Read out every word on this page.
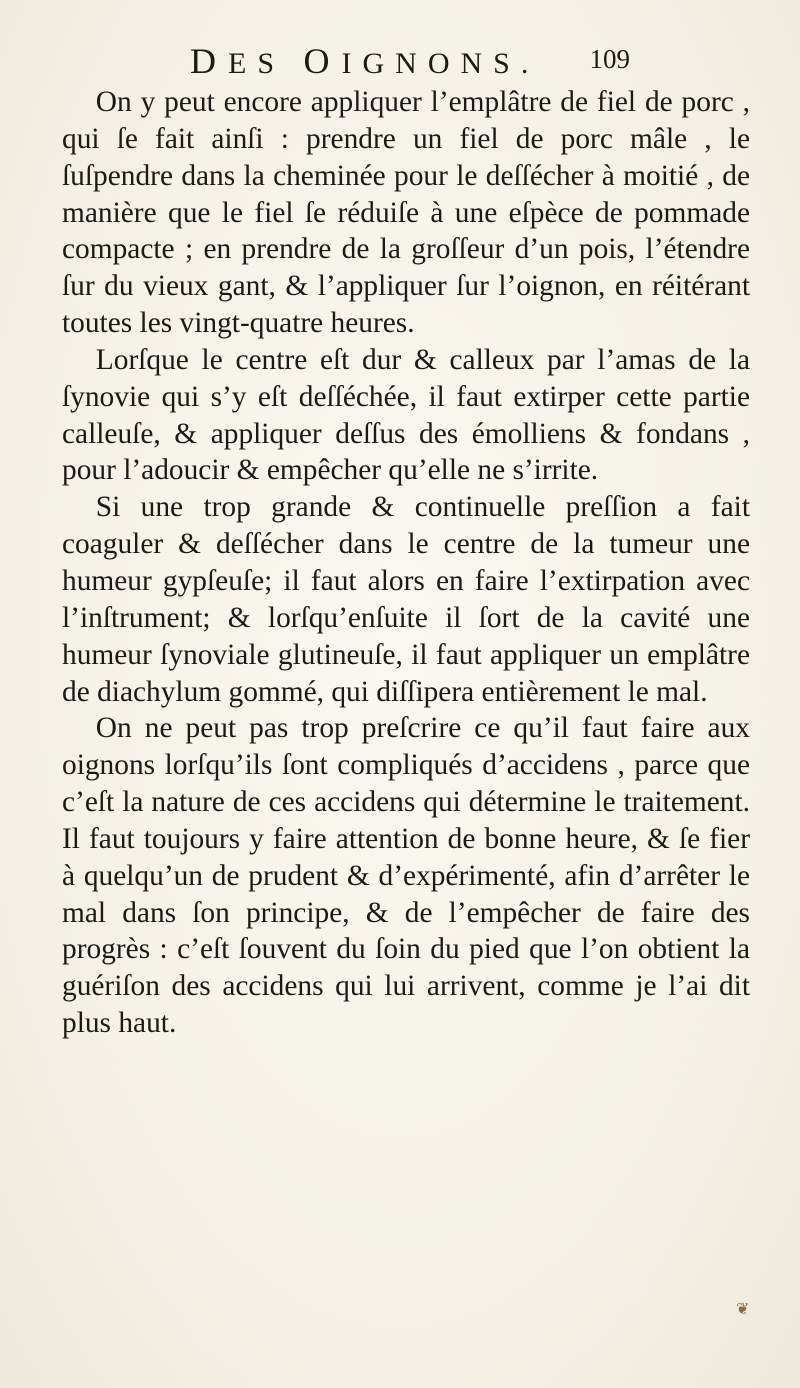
DES OIGNONS. 109

On y peut encore appliquer l’emplâtre de fiel de porc , qui ſe fait ainſi : prendre un fiel de porc mâle , le ſuſpendre dans la cheminée pour le deſſécher à moitié , de manière que le fiel ſe réduiſe à une eſpèce de pommade compacte ; en prendre de la groſſeur d’un pois, l’étendre ſur du vieux gant, & l’appliquer ſur l’oignon, en réitérant toutes les vingt-quatre heures.

Lorſque le centre eſt dur & calleux par l’amas de la ſynovie qui s’y eſt deſſéchée, il faut extirper cette partie calleuſe, & appliquer deſſus des émolliens & fondans , pour l’adoucir & empêcher qu’elle ne s’irrite.

Si une trop grande & continuelle preſſion a fait coaguler & deſſécher dans le centre de la tumeur une humeur gypſeuſe; il faut alors en faire l’extirpation avec l’inſtrument; & lorſqu’enſuite il ſort de la cavité une humeur ſynoviale glutineuſe, il faut appliquer un emplâtre de diachylum gommé, qui diſſipera entièrement le mal.

On ne peut pas trop preſcrire ce qu’il faut faire aux oignons lorſqu’ils ſont compliqués d’accidens , parce que c’eſt la nature de ces accidens qui détermine le traitement. Il faut toujours y faire attention de bonne heure, & ſe fier à quelqu’un de prudent & d’expérimenté, afin d’arrêter le mal dans ſon principe, & de l’empêcher de faire des progrès : c’eſt ſouvent du ſoin du pied que l’on obtient la guériſon des accidens qui lui arrivent, comme je l’ai dit plus haut.

❦
